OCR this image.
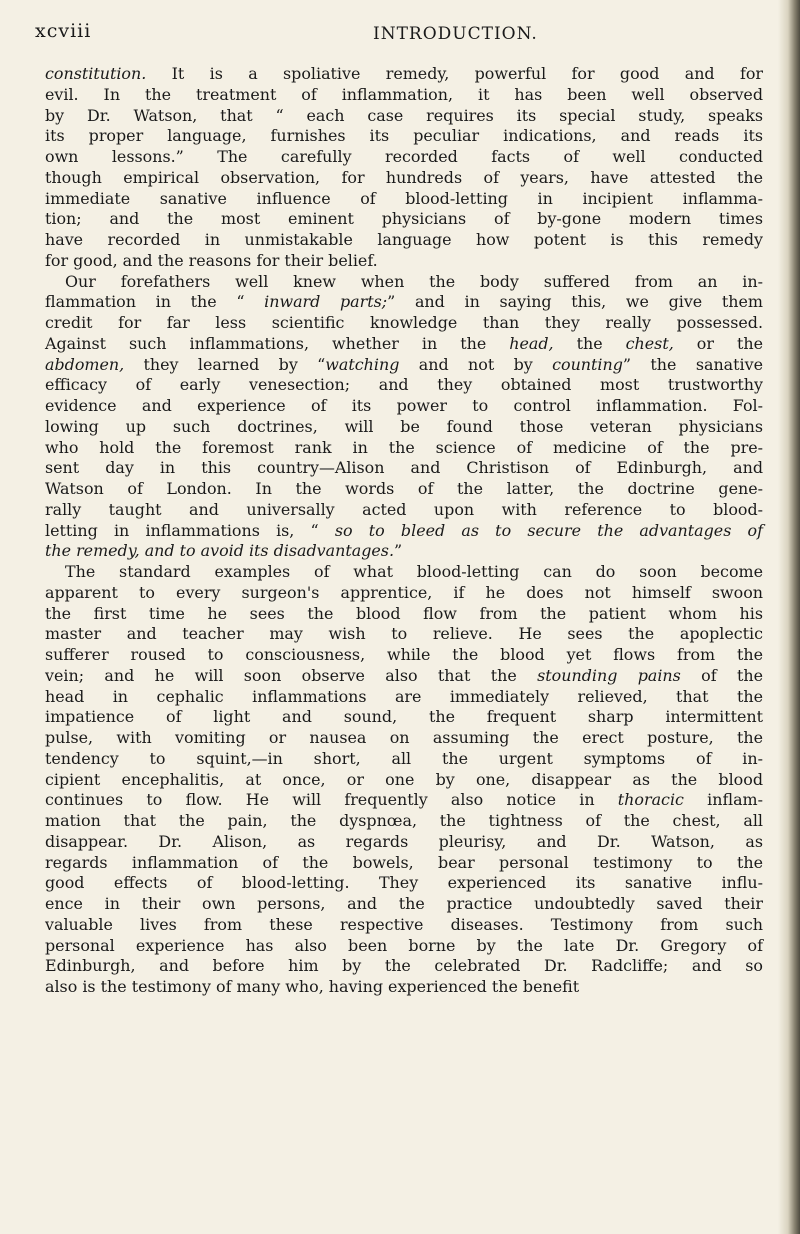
xcviii	INTRODUCTION.
constitution. It is a spoliative remedy, powerful for good and for
evil. In the treatment of inflammation, it has been well observed
by Dr. Watson, that “ each case requires its special study, speaks
its proper language, furnishes its peculiar indications, and reads its
own lessons.” The carefully recorded facts of well conducted
though empirical observation, for hundreds of years, have attested the
immediate sanative influence of blood-letting in incipient inflamma-
tion; and the most eminent physicians of by-gone modern times
have recorded in unmistakable language how potent is this remedy
for good, and the reasons for their belief.
Our forefathers well knew when the body suffered from an in-
flammation in the “ inward parts;” and in saying this, we give them
credit for far less scientific knowledge than they really possessed.
Against such inflammations, whether in the head, the chest, or the
abdomen, they learned by “watching and not by counting” the sanative
efficacy of early venesection; and they obtained most trustworthy
evidence and experience of its power to control inflammation. Fol-
lowing up such doctrines, will be found those veteran physicians
who hold the foremost rank in the science of medicine of the pre-
sent day in this country—Alison and Christison of Edinburgh, and
Watson of London. In the words of the latter, the doctrine gene-
rally taught and universally acted upon with reference to blood-
letting in inflammations is, “ so to bleed as to secure the advantages of
the remedy, and to avoid its disadvantages.”
The standard examples of what blood-letting can do soon become
apparent to every surgeon's apprentice, if he does not himself swoon
the first time he sees the blood flow from the patient whom his
master and teacher may wish to relieve. He sees the apoplectic
sufferer roused to consciousness, while the blood yet flows from the
vein; and he will soon observe also that the stounding pains of the
head in cephalic inflammations are immediately relieved, that the
impatience of light and sound, the frequent sharp intermittent
pulse, with vomiting or nausea on assuming the erect posture, the
tendency to squint,—in short, all the urgent symptoms of in-
cipient encephalitis, at once, or one by one, disappear as the blood
continues to flow. He will frequently also notice in thoracic inflam-
mation that the pain, the dyspnœa, the tightness of the chest, all
disappear. Dr. Alison, as regards pleurisy, and Dr. Watson, as
regards inflammation of the bowels, bear personal testimony to the
good effects of blood-letting. They experienced its sanative influ-
ence in their own persons, and the practice undoubtedly saved their
valuable lives from these respective diseases. Testimony from such
personal experience has also been borne by the late Dr. Gregory of
Edinburgh, and before him by the celebrated Dr. Radcliffe; and so
also is the testimony of many who, having experienced the benefit
